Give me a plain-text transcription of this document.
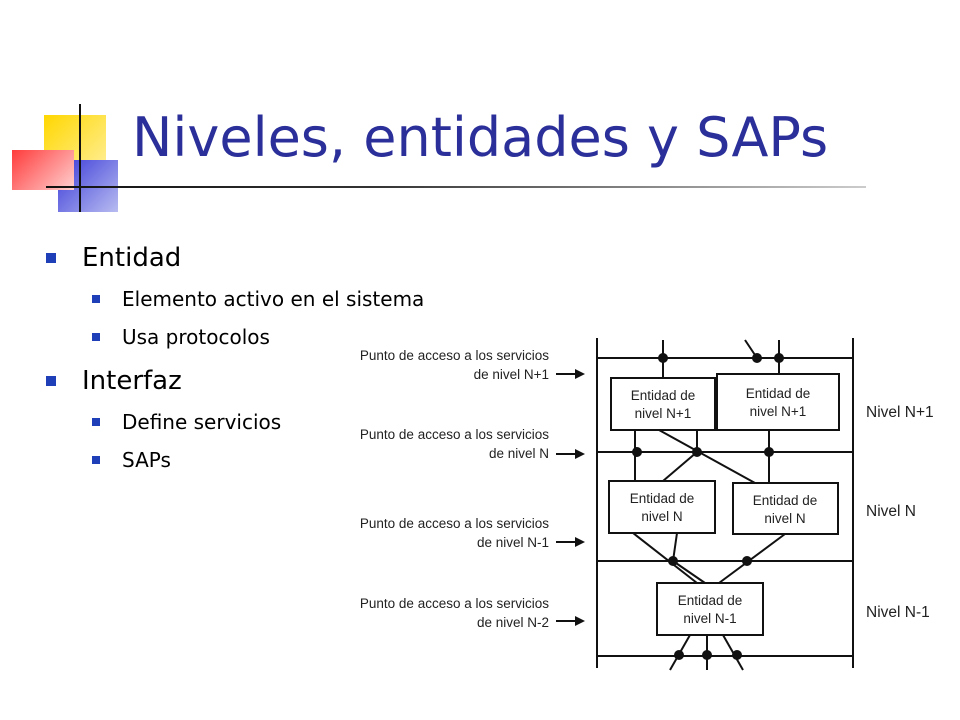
Niveles, entidades y SAPs
Entidad
Elemento activo en el sistema
Usa protocolos
Interfaz
Define servicios
SAPs
Punto de acceso a los servicios
de nivel N+1
Punto de acceso a los servicios
de nivel N
Punto de acceso a los servicios
de nivel N-1
Punto de acceso a los servicios
de nivel N-2
Entidad de
nivel N+1
Entidad de
nivel N+1
Entidad de
nivel N
Entidad de
nivel N
Entidad de
nivel N-1
Nivel N+1
Nivel N
Nivel N-1
